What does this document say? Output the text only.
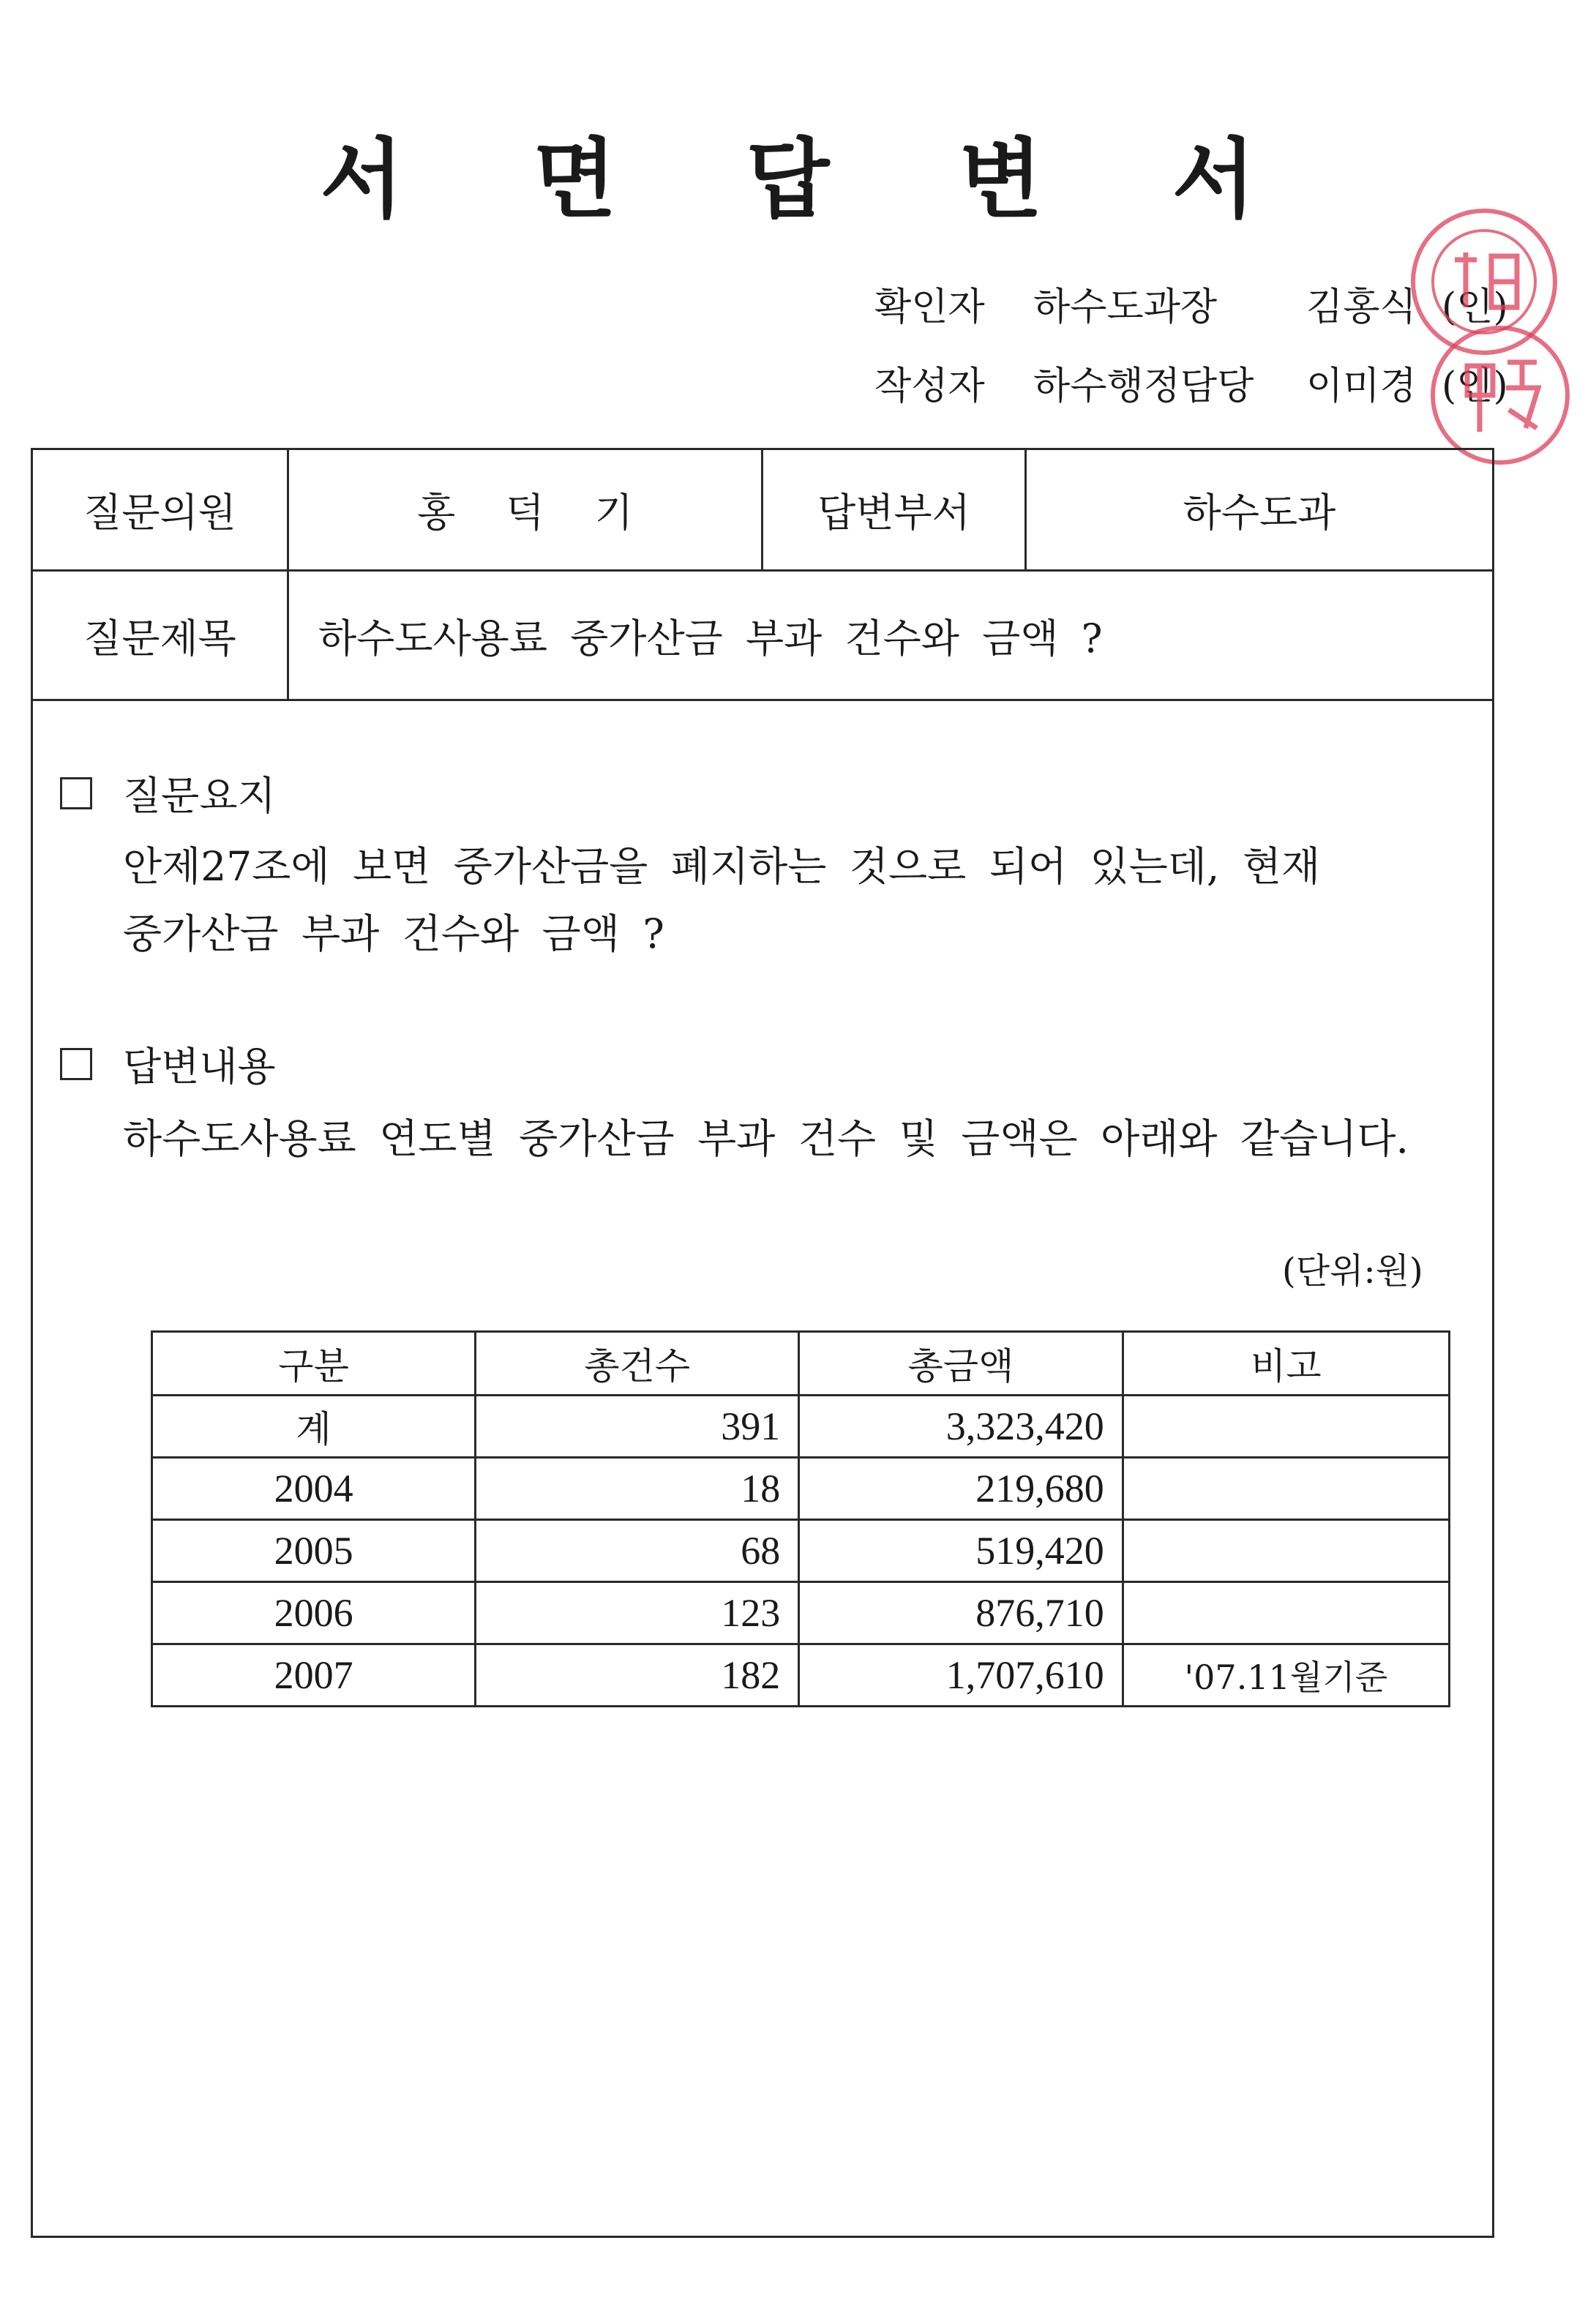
서 면 답 변 서
확인자 하수도과장 김홍식 (인)
작성자 하수행정담당 이미경 (인)
질문의원	홍 덕 기	답변부서	하수도과
질문제목	하수도사용료 중가산금 부과 건수와 금액 ?
질문요지
안제27조에 보면 중가산금을 폐지하는 것으로 되어 있는데, 현재
중가산금 부과 건수와 금액 ?
답변내용
하수도사용료 연도별 중가산금 부과 건수 및 금액은 아래와 같습니다.
(단위:원)
구분	총건수	총금액	비고
계	391	3,323,420	
2004	18	219,680	
2005	68	519,420	
2006	123	876,710	
2007	182	1,707,610	'07.11월기준
